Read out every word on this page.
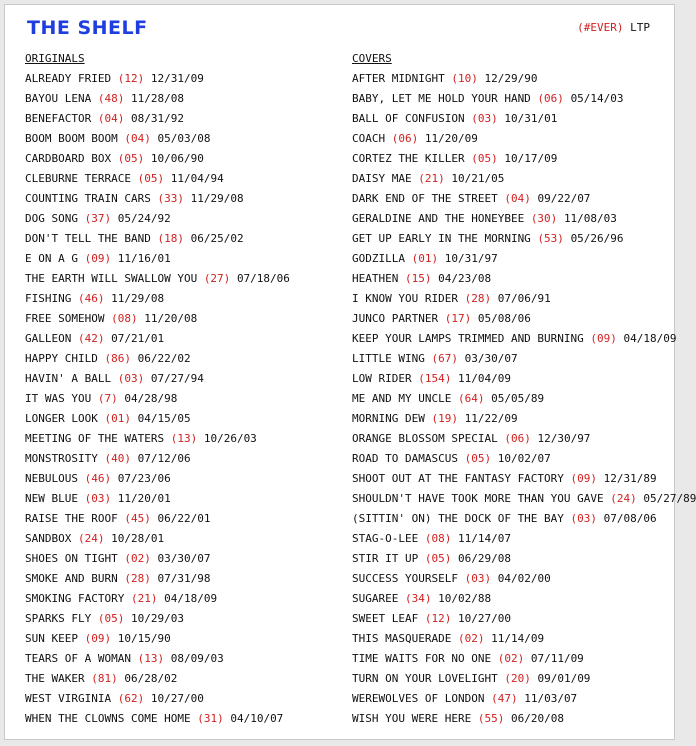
THE SHELF	(#EVER) LTP
ORIGINALS
ALREADY FRIED (12) 12/31/09
BAYOU LENA (48) 11/28/08
BENEFACTOR (04) 08/31/92
BOOM BOOM BOOM (04) 05/03/08
CARDBOARD BOX (05) 10/06/90
CLEBURNE TERRACE (05) 11/04/94
COUNTING TRAIN CARS (33) 11/29/08
DOG SONG (37) 05/24/92
DON'T TELL THE BAND (18) 06/25/02
E ON A G (09) 11/16/01
THE EARTH WILL SWALLOW YOU (27) 07/18/06
FISHING (46) 11/29/08
FREE SOMEHOW (08) 11/20/08
GALLEON (42) 07/21/01
HAPPY CHILD (86) 06/22/02
HAVIN' A BALL (03) 07/27/94
IT WAS YOU (7) 04/28/98
LONGER LOOK (01) 04/15/05
MEETING OF THE WATERS (13) 10/26/03
MONSTROSITY (40) 07/12/06
NEBULOUS (46) 07/23/06
NEW BLUE (03) 11/20/01
RAISE THE ROOF (45) 06/22/01
SANDBOX (24) 10/28/01
SHOES ON TIGHT (02) 03/30/07
SMOKE AND BURN (28) 07/31/98
SMOKING FACTORY (21) 04/18/09
SPARKS FLY (05) 10/29/03
SUN KEEP (09) 10/15/90
TEARS OF A WOMAN (13) 08/09/03
THE WAKER (81) 06/28/02
WEST VIRGINIA (62) 10/27/00
WHEN THE CLOWNS COME HOME (31) 04/10/07
COVERS
AFTER MIDNIGHT (10) 12/29/90
BABY, LET ME HOLD YOUR HAND (06) 05/14/03
BALL OF CONFUSION (03) 10/31/01
COACH (06) 11/20/09
CORTEZ THE KILLER (05) 10/17/09
DAISY MAE (21) 10/21/05
DARK END OF THE STREET (04) 09/22/07
GERALDINE AND THE HONEYBEE (30) 11/08/03
GET UP EARLY IN THE MORNING (53) 05/26/96
GODZILLA (01) 10/31/97
HEATHEN (15) 04/23/08
I KNOW YOU RIDER (28) 07/06/91
JUNCO PARTNER (17) 05/08/06
KEEP YOUR LAMPS TRIMMED AND BURNING (09) 04/18/09
LITTLE WING (67) 03/30/07
LOW RIDER (154) 11/04/09
ME AND MY UNCLE (64) 05/05/89
MORNING DEW (19) 11/22/09
ORANGE BLOSSOM SPECIAL (06) 12/30/97
ROAD TO DAMASCUS (05) 10/02/07
SHOOT OUT AT THE FANTASY FACTORY (09) 12/31/89
SHOULDN'T HAVE TOOK MORE THAN YOU GAVE (24) 05/27/89
(SITTIN' ON) THE DOCK OF THE BAY (03) 07/08/06
STAG-O-LEE (08) 11/14/07
STIR IT UP (05) 06/29/08
SUCCESS YOURSELF (03) 04/02/00
SUGAREE (34) 10/02/88
SWEET LEAF (12) 10/27/00
THIS MASQUERADE (02) 11/14/09
TIME WAITS FOR NO ONE (02) 07/11/09
TURN ON YOUR LOVELIGHT (20) 09/01/09
WEREWOLVES OF LONDON (47) 11/03/07
WISH YOU WERE HERE (55) 06/20/08
